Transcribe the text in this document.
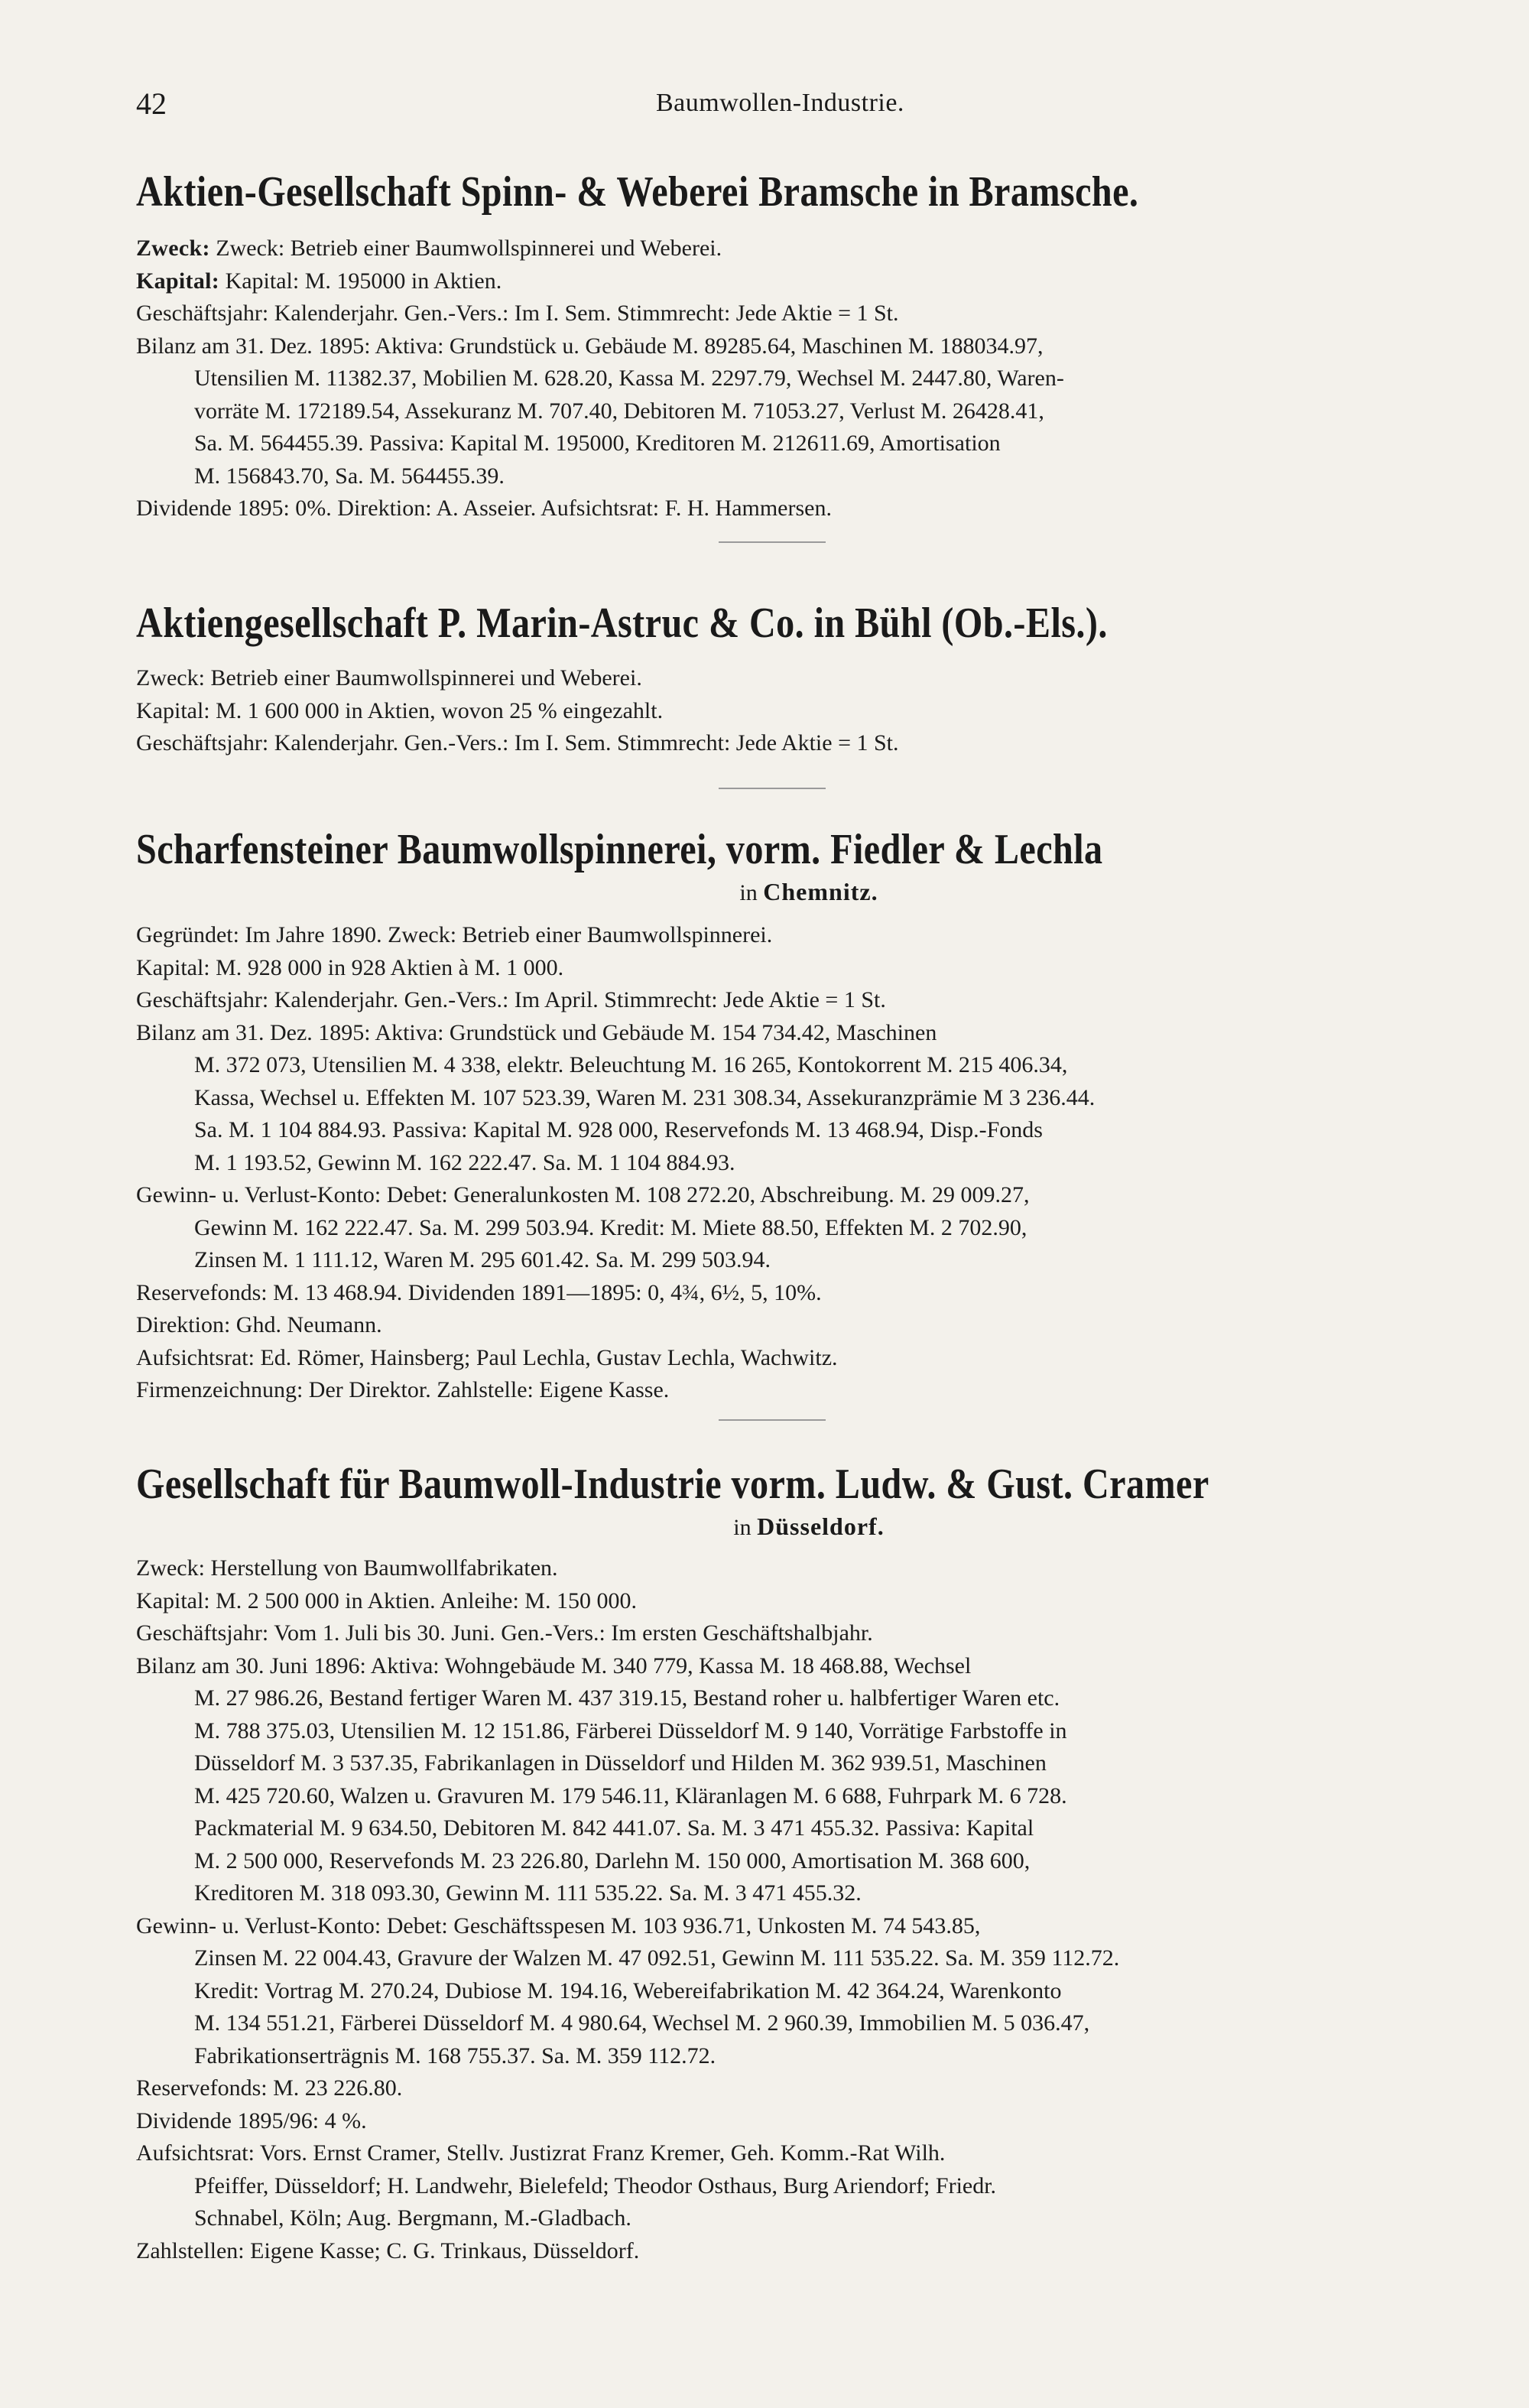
42	Baumwollen-Industrie.
Aktien-Gesellschaft Spinn- & Weberei Bramsche in Bramsche.
Zweck: Zweck: Betrieb einer Baumwollspinnerei und Weberei.
Kapital: Kapital: M. 195000 in Aktien.
Geschäftsjahr: Kalenderjahr. Gen.-Vers.: Im I. Sem. Stimmrecht: Jede Aktie = 1 St.
Bilanz am 31. Dez. 1895: Aktiva: Grundstück u. Gebäude M. 89285.64, Maschinen M. 188034.97,
Utensilien M. 11382.37, Mobilien M. 628.20, Kassa M. 2297.79, Wechsel M. 2447.80, Waren-
vorräte M. 172189.54, Assekuranz M. 707.40, Debitoren M. 71053.27, Verlust M. 26428.41,
Sa. M. 564455.39. Passiva: Kapital M. 195000, Kreditoren M. 212611.69, Amortisation
M. 156843.70, Sa. M. 564455.39.
Dividende 1895: 0%. Direktion: A. Asseier. Aufsichtsrat: F. H. Hammersen.
Aktiengesellschaft P. Marin-Astruc & Co. in Bühl (Ob.-Els.).
Zweck: Betrieb einer Baumwollspinnerei und Weberei.
Kapital: M. 1 600 000 in Aktien, wovon 25 % eingezahlt.
Geschäftsjahr: Kalenderjahr. Gen.-Vers.: Im I. Sem. Stimmrecht: Jede Aktie = 1 St.
Scharfensteiner Baumwollspinnerei, vorm. Fiedler & Lechla
in Chemnitz.
Gegründet: Im Jahre 1890. Zweck: Betrieb einer Baumwollspinnerei.
Kapital: M. 928 000 in 928 Aktien à M. 1 000.
Geschäftsjahr: Kalenderjahr. Gen.-Vers.: Im April. Stimmrecht: Jede Aktie = 1 St.
Bilanz am 31. Dez. 1895: Aktiva: Grundstück und Gebäude M. 154 734.42, Maschinen
M. 372 073, Utensilien M. 4 338, elektr. Beleuchtung M. 16 265, Kontokorrent M. 215 406.34,
Kassa, Wechsel u. Effekten M. 107 523.39, Waren M. 231 308.34, Assekuranzprämie M 3 236.44.
Sa. M. 1 104 884.93. Passiva: Kapital M. 928 000, Reservefonds M. 13 468.94, Disp.-Fonds
M. 1 193.52, Gewinn M. 162 222.47. Sa. M. 1 104 884.93.
Gewinn- u. Verlust-Konto: Debet: Generalunkosten M. 108 272.20, Abschreibung. M. 29 009.27,
Gewinn M. 162 222.47. Sa. M. 299 503.94. Kredit: M. Miete 88.50, Effekten M. 2 702.90,
Zinsen M. 1 111.12, Waren M. 295 601.42. Sa. M. 299 503.94.
Reservefonds: M. 13 468.94. Dividenden 1891—1895: 0, 4¾, 6½, 5, 10%.
Direktion: Ghd. Neumann.
Aufsichtsrat: Ed. Römer, Hainsberg; Paul Lechla, Gustav Lechla, Wachwitz.
Firmenzeichnung: Der Direktor. Zahlstelle: Eigene Kasse.
Gesellschaft für Baumwoll-Industrie vorm. Ludw. & Gust. Cramer
in Düsseldorf.
Zweck: Herstellung von Baumwollfabrikaten.
Kapital: M. 2 500 000 in Aktien. Anleihe: M. 150 000.
Geschäftsjahr: Vom 1. Juli bis 30. Juni. Gen.-Vers.: Im ersten Geschäftshalbjahr.
Bilanz am 30. Juni 1896: Aktiva: Wohngebäude M. 340 779, Kassa M. 18 468.88, Wechsel
M. 27 986.26, Bestand fertiger Waren M. 437 319.15, Bestand roher u. halbfertiger Waren etc.
M. 788 375.03, Utensilien M. 12 151.86, Färberei Düsseldorf M. 9 140, Vorrätige Farbstoffe in
Düsseldorf M. 3 537.35, Fabrikanlagen in Düsseldorf und Hilden M. 362 939.51, Maschinen
M. 425 720.60, Walzen u. Gravuren M. 179 546.11, Kläranlagen M. 6 688, Fuhrpark M. 6 728.
Packmaterial M. 9 634.50, Debitoren M. 842 441.07. Sa. M. 3 471 455.32. Passiva: Kapital
M. 2 500 000, Reservefonds M. 23 226.80, Darlehn M. 150 000, Amortisation M. 368 600,
Kreditoren M. 318 093.30, Gewinn M. 111 535.22. Sa. M. 3 471 455.32.
Gewinn- u. Verlust-Konto: Debet: Geschäftsspesen M. 103 936.71, Unkosten M. 74 543.85,
Zinsen M. 22 004.43, Gravure der Walzen M. 47 092.51, Gewinn M. 111 535.22. Sa. M. 359 112.72.
Kredit: Vortrag M. 270.24, Dubiose M. 194.16, Webereifabrikation M. 42 364.24, Warenkonto
M. 134 551.21, Färberei Düsseldorf M. 4 980.64, Wechsel M. 2 960.39, Immobilien M. 5 036.47,
Fabrikationserträgnis M. 168 755.37. Sa. M. 359 112.72.
Reservefonds: M. 23 226.80.
Dividende 1895/96: 4 %.
Aufsichtsrat: Vors. Ernst Cramer, Stellv. Justizrat Franz Kremer, Geh. Komm.-Rat Wilh.
Pfeiffer, Düsseldorf; H. Landwehr, Bielefeld; Theodor Osthaus, Burg Ariendorf; Friedr.
Schnabel, Köln; Aug. Bergmann, M.-Gladbach.
Zahlstellen: Eigene Kasse; C. G. Trinkaus, Düsseldorf.
